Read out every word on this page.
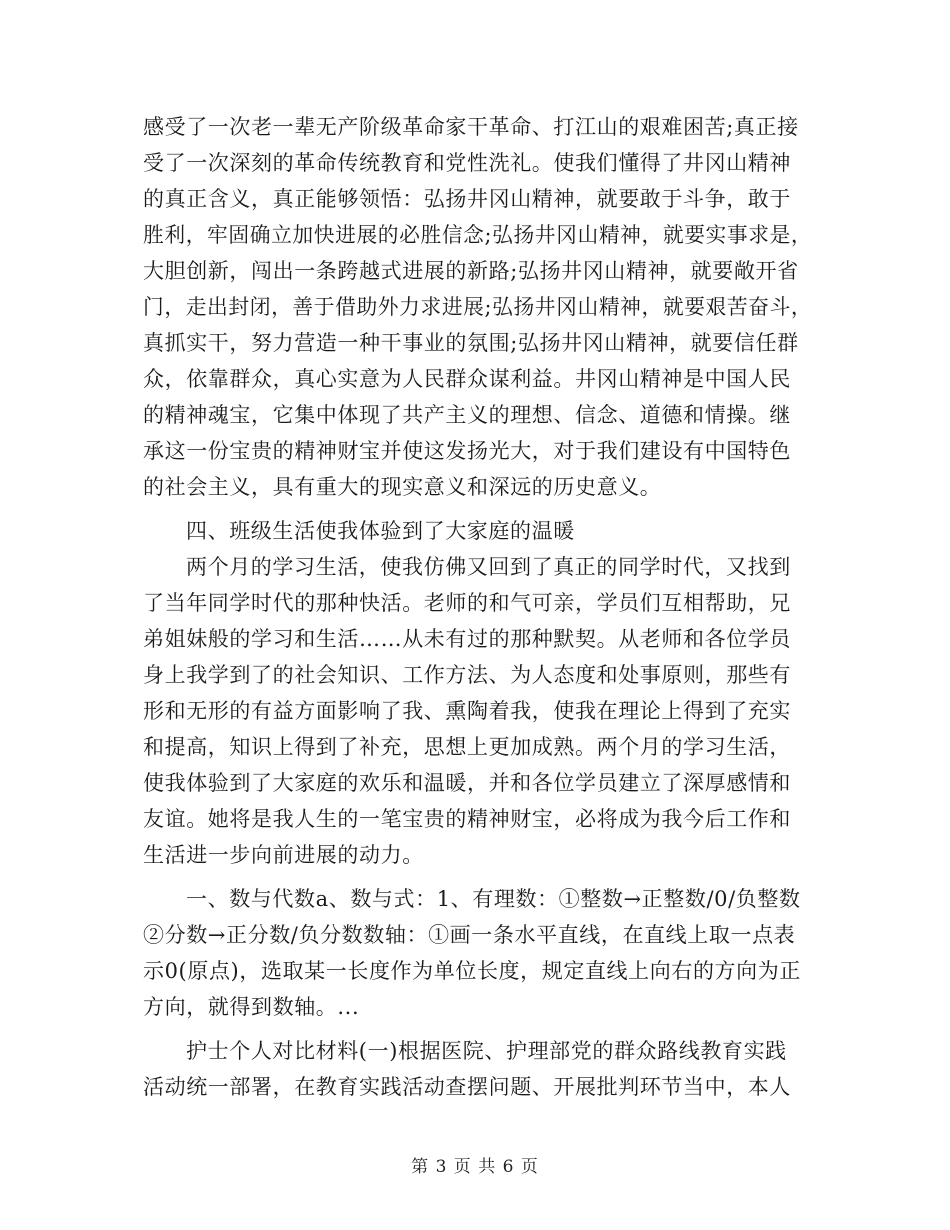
感受了一次老一辈无产阶级革命家干革命、打江山的艰难困苦;真正接
受了一次深刻的革命传统教育和党性洗礼。使我们懂得了井冈山精神
的真正含义，真正能够领悟：弘扬井冈山精神，就要敢于斗争，敢于
胜利，牢固确立加快进展的必胜信念;弘扬井冈山精神，就要实事求是，
大胆创新，闯出一条跨越式进展的新路;弘扬井冈山精神，就要敞开省
门，走出封闭，善于借助外力求进展;弘扬井冈山精神，就要艰苦奋斗，
真抓实干，努力营造一种干事业的氛围;弘扬井冈山精神，就要信任群
众，依靠群众，真心实意为人民群众谋利益。井冈山精神是中国人民
的精神魂宝，它集中体现了共产主义的理想、信念、道德和情操。继
承这一份宝贵的精神财宝并使这发扬光大，对于我们建设有中国特色
的社会主义，具有重大的现实意义和深远的历史意义。
四、班级生活使我体验到了大家庭的温暖
两个月的学习生活，使我仿佛又回到了真正的同学时代，又找到
了当年同学时代的那种快活。老师的和气可亲，学员们互相帮助，兄
弟姐妹般的学习和生活……从未有过的那种默契。从老师和各位学员
身上我学到了的社会知识、工作方法、为人态度和处事原则，那些有
形和无形的有益方面影响了我、熏陶着我，使我在理论上得到了充实
和提高，知识上得到了补充，思想上更加成熟。两个月的学习生活，
使我体验到了大家庭的欢乐和温暖，并和各位学员建立了深厚感情和
友谊。她将是我人生的一笔宝贵的精神财宝，必将成为我今后工作和
生活进一步向前进展的动力。
一、数与代数a、数与式：1、有理数：①整数→正整数/0/负整数
②分数→正分数/负分数数轴：①画一条水平直线，在直线上取一点表
示0(原点)，选取某一长度作为单位长度，规定直线上向右的方向为正
方向，就得到数轴。...
护士个人对比材料(一)根据医院、护理部党的群众路线教育实践
活动统一部署，在教育实践活动查摆问题、开展批判环节当中，本人
第 3 页 共 6 页
